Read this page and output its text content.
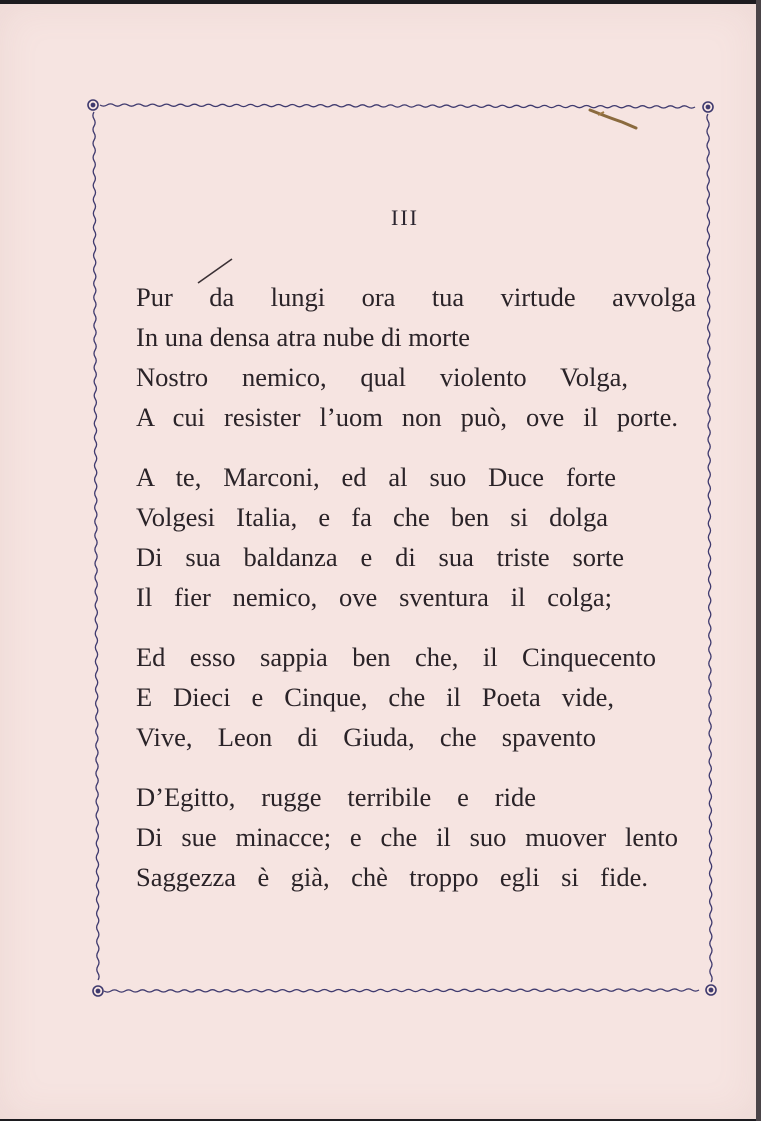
III
Pur da lungi ora tua virtude avvolga
In una densa atra nube di morte
Nostro nemico, qual violento Volga,
A cui resister l’uom non può, ove il porte.
A te, Marconi, ed al suo Duce forte
Volgesi Italia, e fa che ben si dolga
Di sua baldanza e di sua triste sorte
Il fier nemico, ove sventura il colga;
Ed esso sappia ben che, il Cinquecento
E Dieci e Cinque, che il Poeta vide,
Vive, Leon di Giuda, che spavento
D’Egitto, rugge terribile e ride
Di sue minacce; e che il suo muover lento
Saggezza è già, chè troppo egli si fide.
